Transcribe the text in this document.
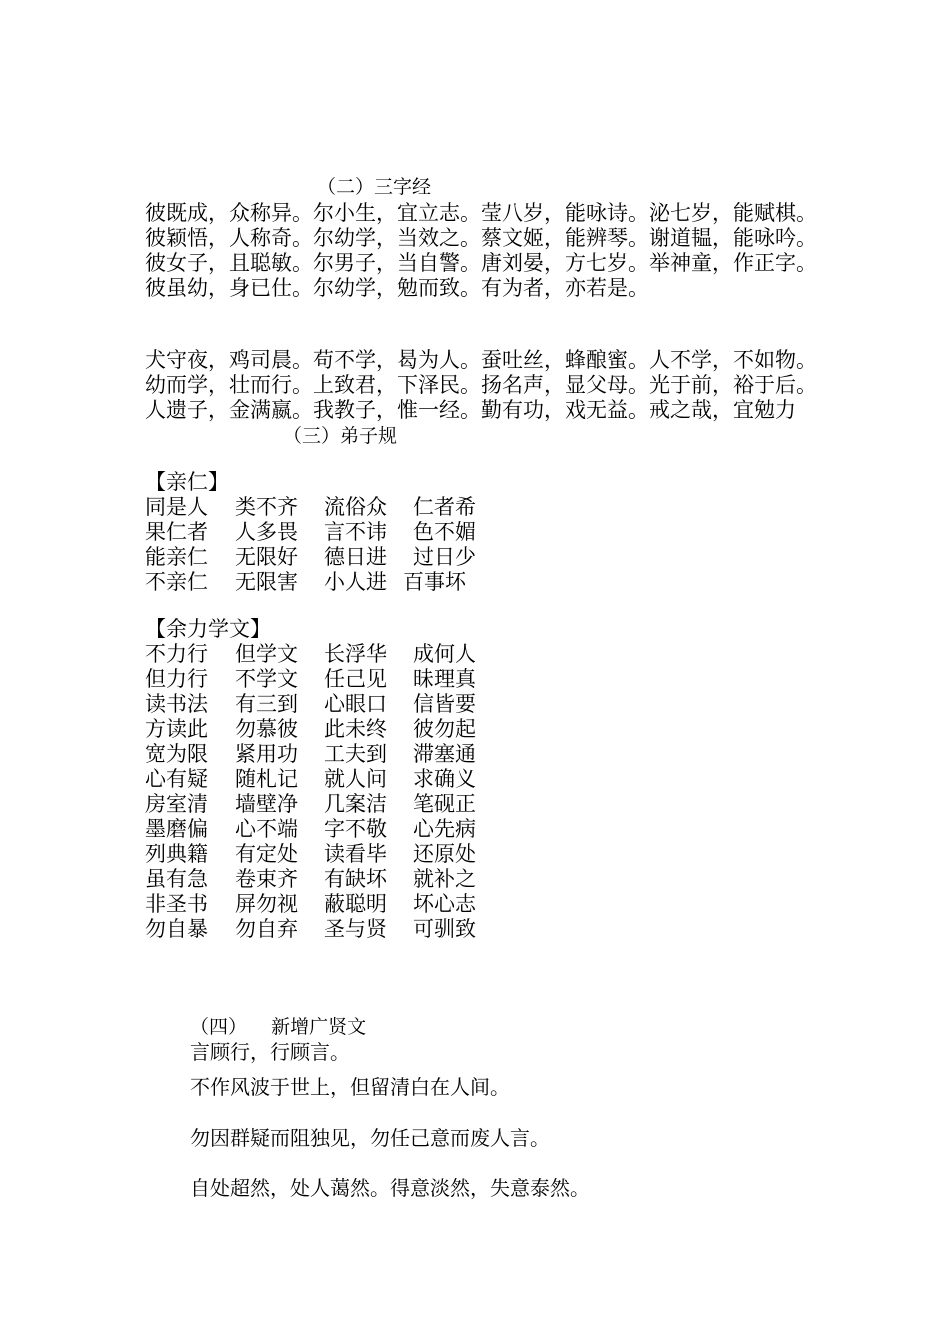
（二）三字经
彼既成，众称异。尔小生，宜立志。莹八岁，能咏诗。泌七岁，能赋棋。
彼颖悟，人称奇。尔幼学，当效之。蔡文姬，能辨琴。谢道韫，能咏吟。
彼女子，且聪敏。尔男子，当自警。唐刘晏，方七岁。举神童，作正字。
彼虽幼，身已仕。尔幼学，勉而致。有为者，亦若是。
犬守夜，鸡司晨。苟不学，曷为人。蚕吐丝，蜂酿蜜。人不学，不如物。
幼而学，壮而行。上致君，下泽民。扬名声，显父母。光于前，裕于后。
人遗子，金满嬴。我教子，惟一经。勤有功，戏无益。戒之哉，宜勉力
（三）弟子规
【亲仁】

同是人

类不齐

流俗众

仁者希

果仁者

人多畏

言不讳

色不媚

能亲仁

无限好

德日进

过日少

不亲仁

无限害

小人进

百事坏

【余力学文】

不力行

但学文

长浮华

成何人

但力行

不学文

任己见

昧理真

读书法

有三到

心眼口

信皆要

方读此

勿慕彼

此未终

彼勿起

宽为限

紧用功

工夫到

滞塞通

心有疑

随札记

就人问

求确义

房室清

墙壁净

几案洁

笔砚正

墨磨偏

心不端

字不敬

心先病

列典籍

有定处

读看毕

还原处

虽有急

卷束齐

有缺坏

就补之

非圣书

屏勿视

蔽聪明

坏心志

勿自暴

勿自弃

圣与贤

可驯致

（四）    新增广贤文
言顾行，行顾言。
不作风波于世上，但留清白在人间。
勿因群疑而阻独见，勿任己意而废人言。
自处超然，处人蔼然。得意淡然，失意泰然。
